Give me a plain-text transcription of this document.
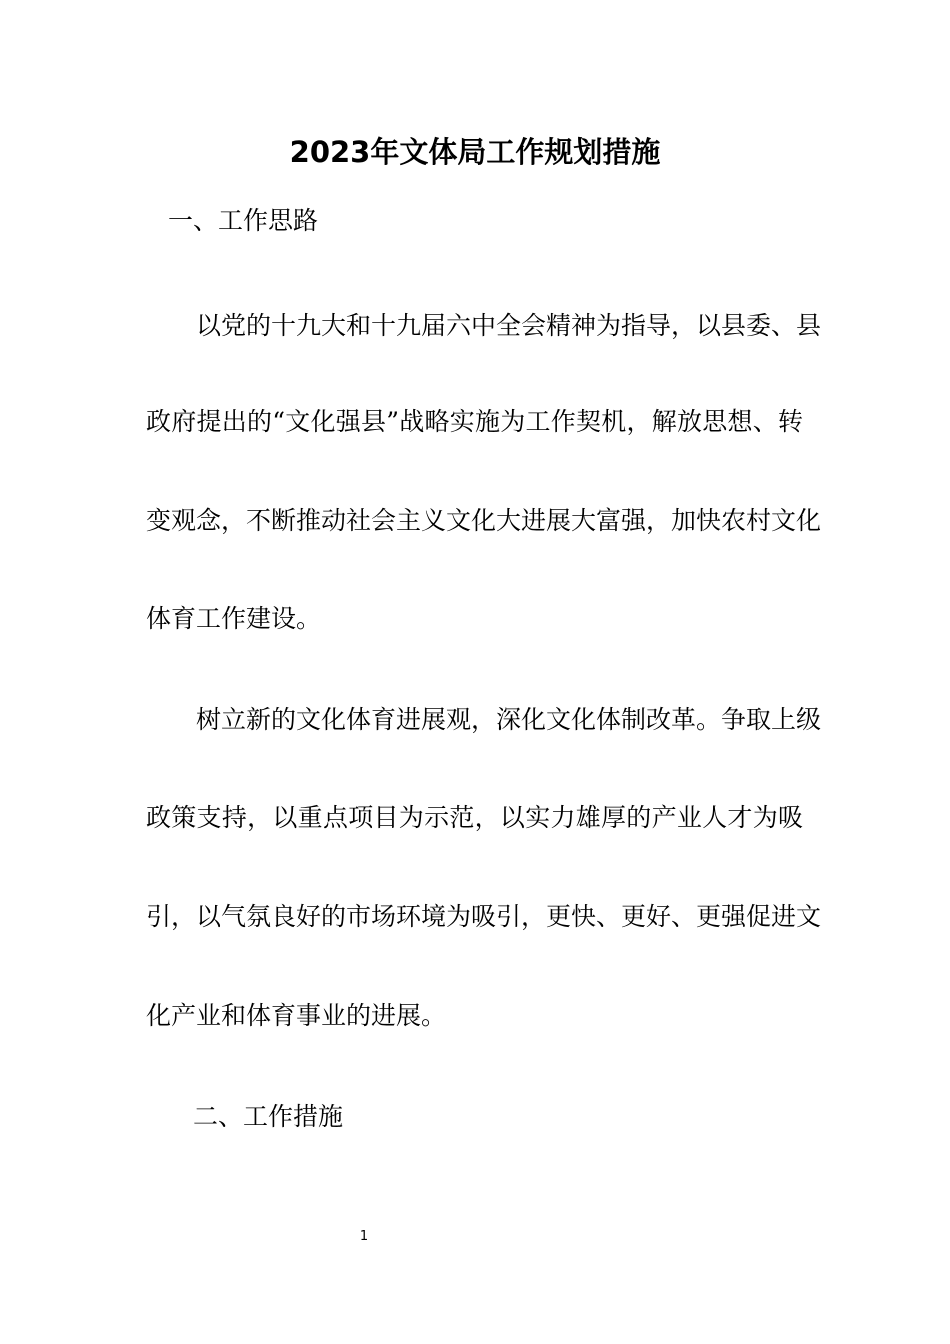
2023年文体局工作规划措施

一、工作思路

以党的十九大和十九届六中全会精神为指导，以县委、县

政府提出的“文化强县”战略实施为工作契机，解放思想、转

变观念，不断推动社会主义文化大进展大富强，加快农村文化

体育工作建设。

树立新的文化体育进展观，深化文化体制改革。争取上级

政策支持，以重点项目为示范，以实力雄厚的产业人才为吸

引，以气氛良好的市场环境为吸引，更快、更好、更强促进文

化产业和体育事业的进展。

二、工作措施

1
